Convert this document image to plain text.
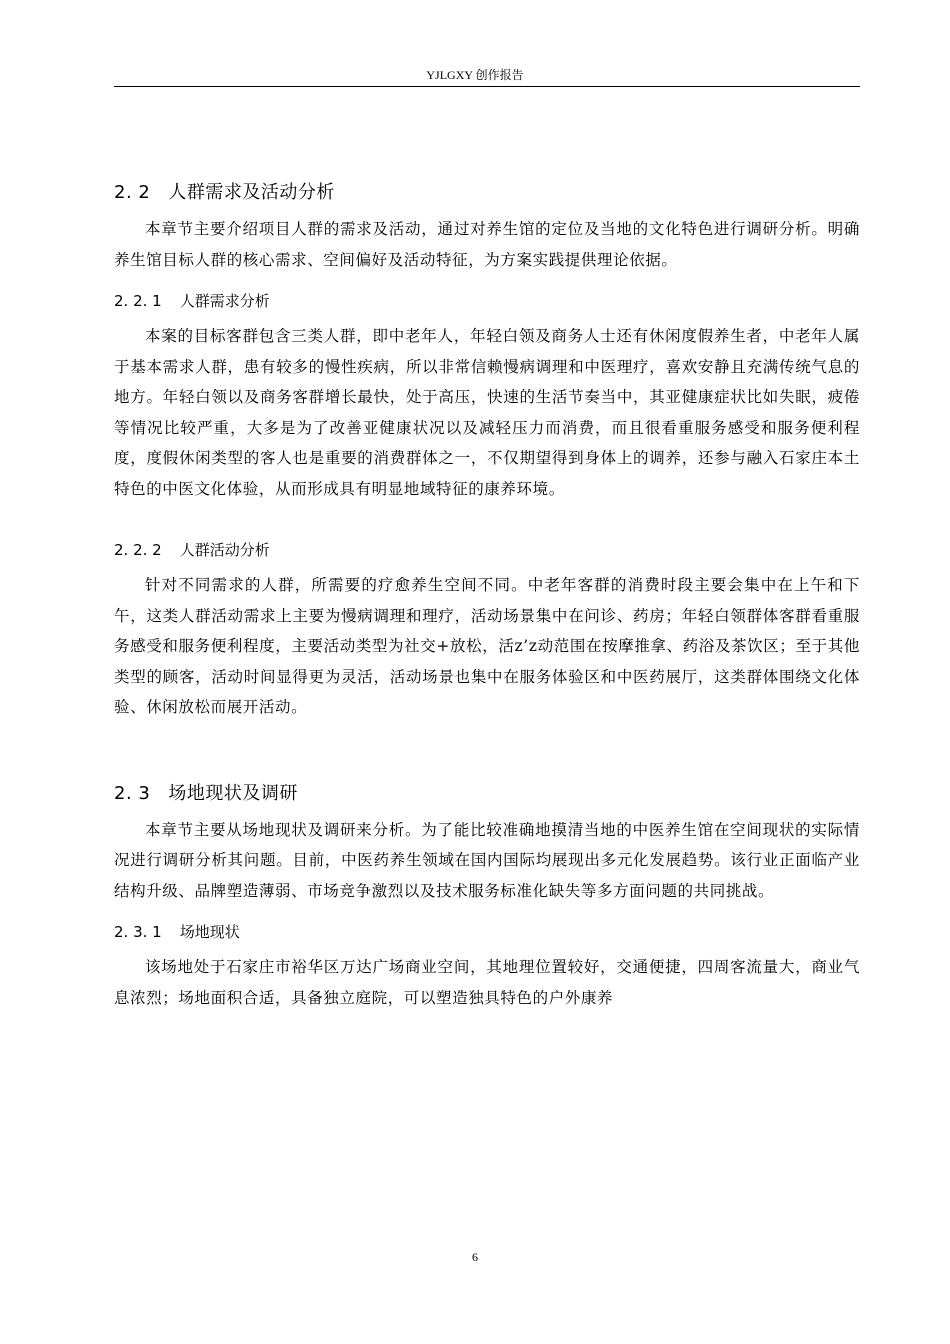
YJLGXY 创作报告
2. 2 人群需求及活动分析

本章节主要介绍项目人群的需求及活动，通过对养生馆的定位及当地的文化特色进行调研分析。明确养生馆目标人群的核心需求、空间偏好及活动特征，为方案实践提供理论依据。

2. 2. 1 人群需求分析

本案的目标客群包含三类人群，即中老年人，年轻白领及商务人士还有休闲度假养生者，中老年人属于基本需求人群，患有较多的慢性疾病，所以非常信赖慢病调理和中医理疗，喜欢安静且充满传统气息的地方。年轻白领以及商务客群增长最快，处于高压，快速的生活节奏当中，其亚健康症状比如失眠，疲倦等情况比较严重，大多是为了改善亚健康状况以及减轻压力而消费，而且很看重服务感受和服务便利程度，度假休闲类型的客人也是重要的消费群体之一，不仅期望得到身体上的调养，还参与融入石家庄本土特色的中医文化体验，从而形成具有明显地域特征的康养环境。

2. 2. 2 人群活动分析

针对不同需求的人群，所需要的疗愈养生空间不同。中老年客群的消费时段主要会集中在上午和下午，这类人群活动需求上主要为慢病调理和理疗，活动场景集中在问诊、药房；年轻白领群体客群看重服务感受和服务便利程度，主要活动类型为社交+放松，活z’z动范围在按摩推拿、药浴及茶饮区；至于其他类型的顾客，活动时间显得更为灵活，活动场景也集中在服务体验区和中医药展厅，这类群体围绕文化体验、休闲放松而展开活动。

2. 3 场地现状及调研

本章节主要从场地现状及调研来分析。为了能比较准确地摸清当地的中医养生馆在空间现状的实际情况进行调研分析其问题。目前，中医药养生领域在国内国际均展现出多元化发展趋势。该行业正面临产业结构升级、品牌塑造薄弱、市场竞争激烈以及技术服务标准化缺失等多方面问题的共同挑战。

2. 3. 1 场地现状

该场地处于石家庄市裕华区万达广场商业空间，其地理位置较好，交通便捷，四周客流量大，商业气息浓烈；场地面积合适，具备独立庭院，可以塑造独具特色的户外康养

6
